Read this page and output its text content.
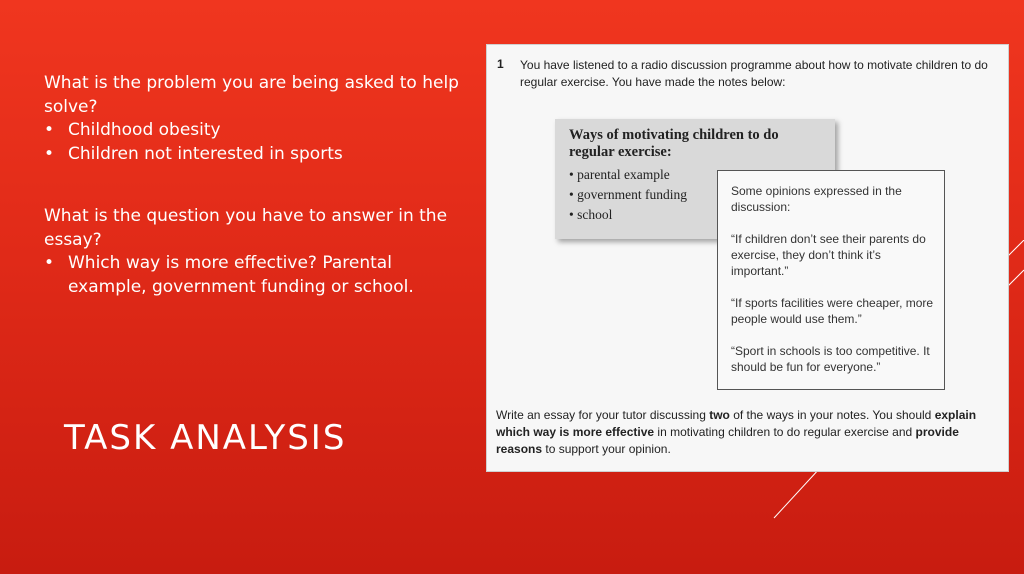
What is the problem you are being asked to help solve?

• Childhood obesity
• Children not interested in sports

What is the question you have to answer in the essay?

• Which way is more effective? Parental example, government funding or school.
TASK ANALYSIS
1 You have listened to a radio discussion programme about how to motivate children to do regular exercise. You have made the notes below:
Ways of motivating children to do regular exercise:
• parental example
• government funding
• school

Some opinions expressed in the discussion:

“If children don’t see their parents do exercise, they don’t think it’s important.”

“If sports facilities were cheaper, more people would use them.”

“Sport in schools is too competitive. It should be fun for everyone.”

Write an essay for your tutor discussing two of the ways in your notes. You should explain which way is more effective in motivating children to do regular exercise and provide reasons to support your opinion.
